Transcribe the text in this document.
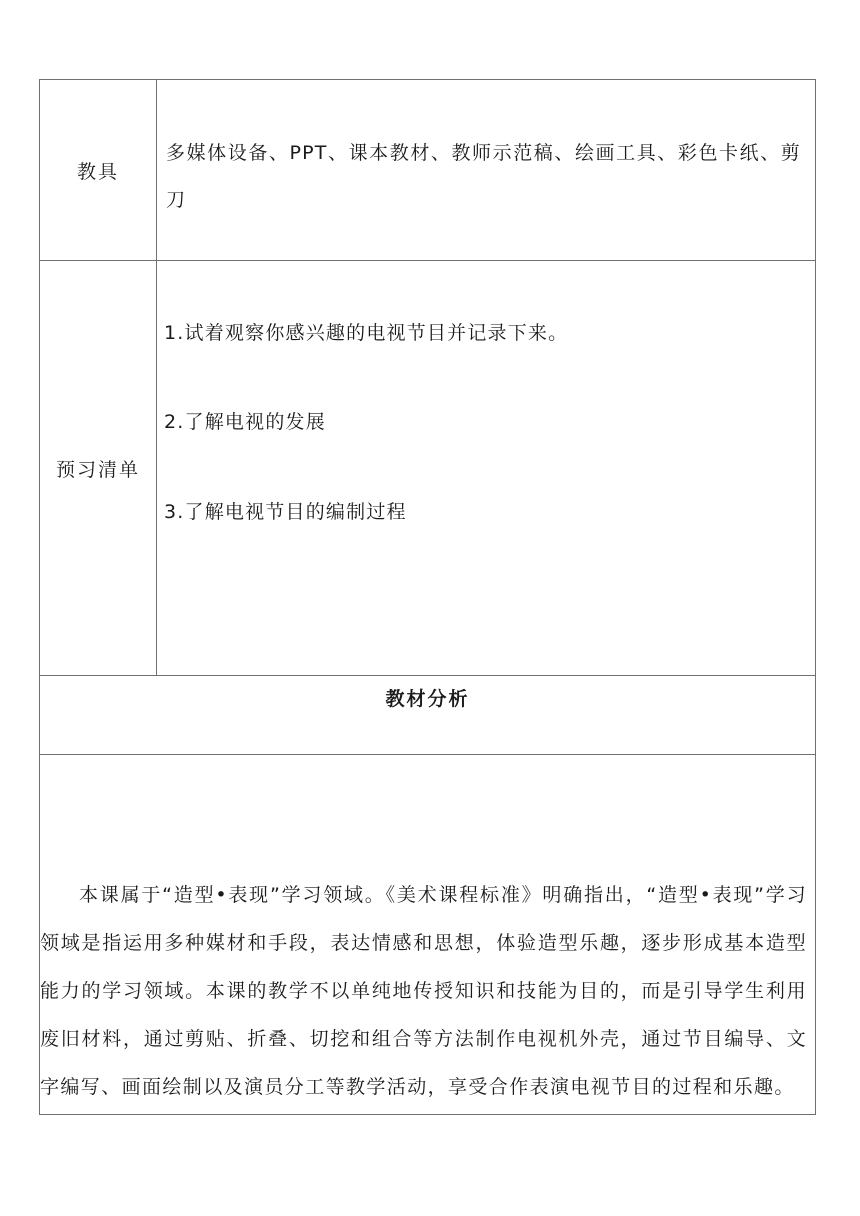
教具
多媒体设备、PPT、课本教材、教师示范稿、绘画工具、彩色卡纸、剪刀
预习清单
1.试着观察你感兴趣的电视节目并记录下来。
2.了解电视的发展
3.了解电视节目的编制过程
教材分析
本课属于“造型•表现”学习领域。《美术课程标准》明确指出，“造型•表现”学习领域是指运用多种媒材和手段，表达情感和思想，体验造型乐趣，逐步形成基本造型能力的学习领域。本课的教学不以单纯地传授知识和技能为目的，而是引导学生利用废旧材料，通过剪贴、折叠、切挖和组合等方法制作电视机外壳，通过节目编导、文字编写、画面绘制以及演员分工等教学活动，享受合作表演电视节目的过程和乐趣。
